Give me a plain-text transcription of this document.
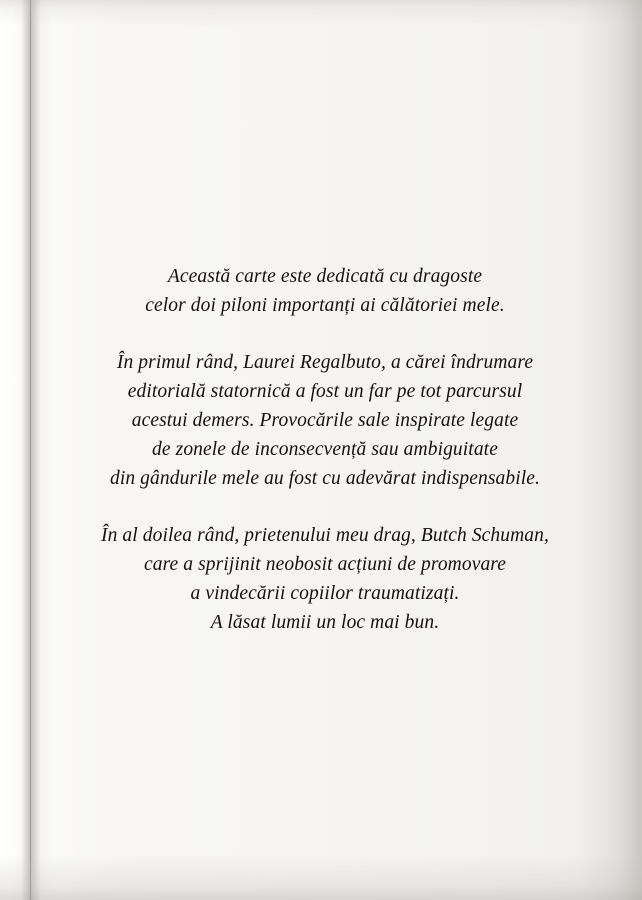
Această carte este dedicată cu dragoste
celor doi piloni importanți ai călătoriei mele.

În primul rând, Laurei Regalbuto, a cărei îndrumare
editorială statornică a fost un far pe tot parcursul
acestui demers. Provocările sale inspirate legate
de zonele de inconsecvență sau ambiguitate
din gândurile mele au fost cu adevărat indispensabile.

În al doilea rând, prietenului meu drag, Butch Schuman,
care a sprijinit neobosit acțiuni de promovare
a vindecării copiilor traumatizați.
A lăsat lumii un loc mai bun.
